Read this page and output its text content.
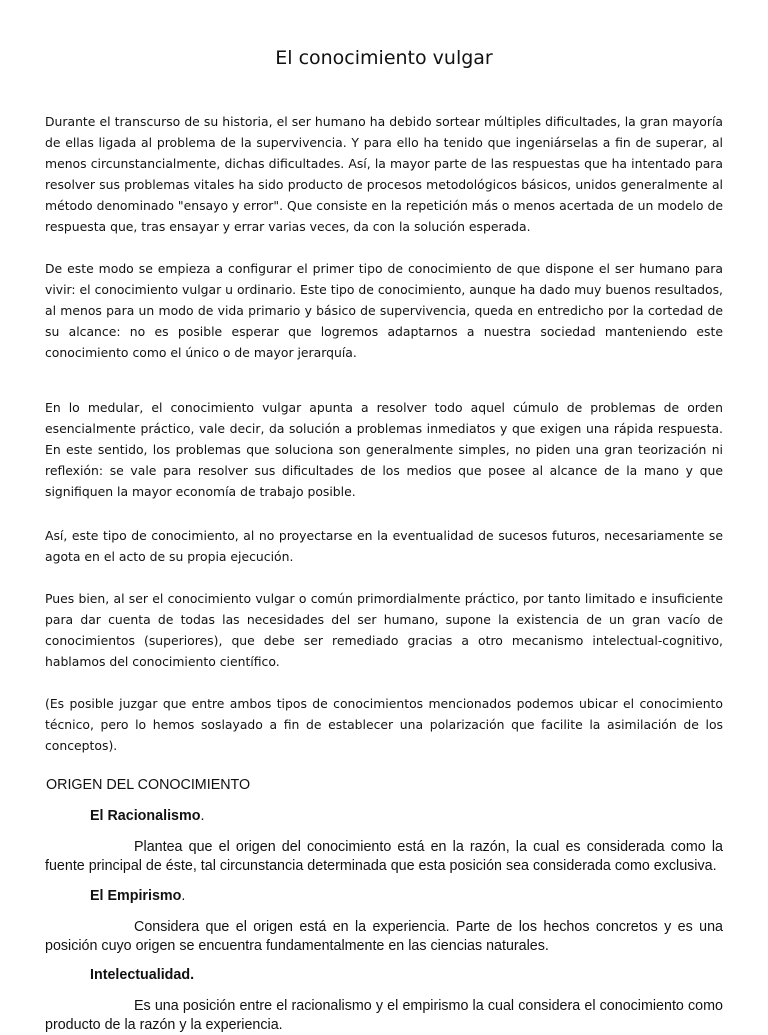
El conocimiento vulgar

Durante el transcurso de su historia, el ser humano ha debido sortear múltiples dificultades, la gran mayoría de ellas ligada al problema de la supervivencia. Y para ello ha tenido que ingeniárselas a fin de superar, al menos circunstancialmente, dichas dificultades. Así, la mayor parte de las respuestas que ha intentado para resolver sus problemas vitales ha sido producto de procesos metodológicos básicos, unidos generalmente al método denominado "ensayo y error". Que consiste en la repetición más o menos acertada de un modelo de respuesta que, tras ensayar y errar varias veces, da con la solución esperada.

De este modo se empieza a configurar el primer tipo de conocimiento de que dispone el ser humano para vivir: el conocimiento vulgar u ordinario. Este tipo de conocimiento, aunque ha dado muy buenos resultados, al menos para un modo de vida primario y básico de supervivencia, queda en entredicho por la cortedad de su alcance: no es posible esperar que logremos adaptarnos a nuestra sociedad manteniendo este conocimiento como el único o de mayor jerarquía.

En lo medular, el conocimiento vulgar apunta a resolver todo aquel cúmulo de problemas de orden esencialmente práctico, vale decir, da solución a problemas inmediatos y que exigen una rápida respuesta. En este sentido, los problemas que soluciona son generalmente simples, no piden una gran teorización ni reflexión: se vale para resolver sus dificultades de los medios que posee al alcance de la mano y que signifiquen la mayor economía de trabajo posible.

Así, este tipo de conocimiento, al no proyectarse en la eventualidad de sucesos futuros, necesariamente se agota en el acto de su propia ejecución.

Pues bien, al ser el conocimiento vulgar o común primordialmente práctico, por tanto limitado e insuficiente para dar cuenta de todas las necesidades del ser humano, supone la existencia de un gran vacío de conocimientos (superiores), que debe ser remediado gracias a otro mecanismo intelectual-cognitivo, hablamos del conocimiento científico.

(Es posible juzgar que entre ambos tipos de conocimientos mencionados podemos ubicar el conocimiento técnico, pero lo hemos soslayado a fin de establecer una polarización que facilite la asimilación de los conceptos).

ORIGEN DEL CONOCIMIENTO

El Racionalismo.

Plantea que el origen del conocimiento está en la razón, la cual es considerada como la fuente principal de éste, tal circunstancia determinada que esta posición sea considerada como exclusiva.

El Empirismo.

Considera que el origen está en la experiencia. Parte de los hechos concretos y es una posición cuyo origen se encuentra fundamentalmente en las ciencias naturales.

Intelectualidad.

Es una posición entre el racionalismo y el empirismo la cual considera el conocimiento como producto de la razón y la experiencia.
